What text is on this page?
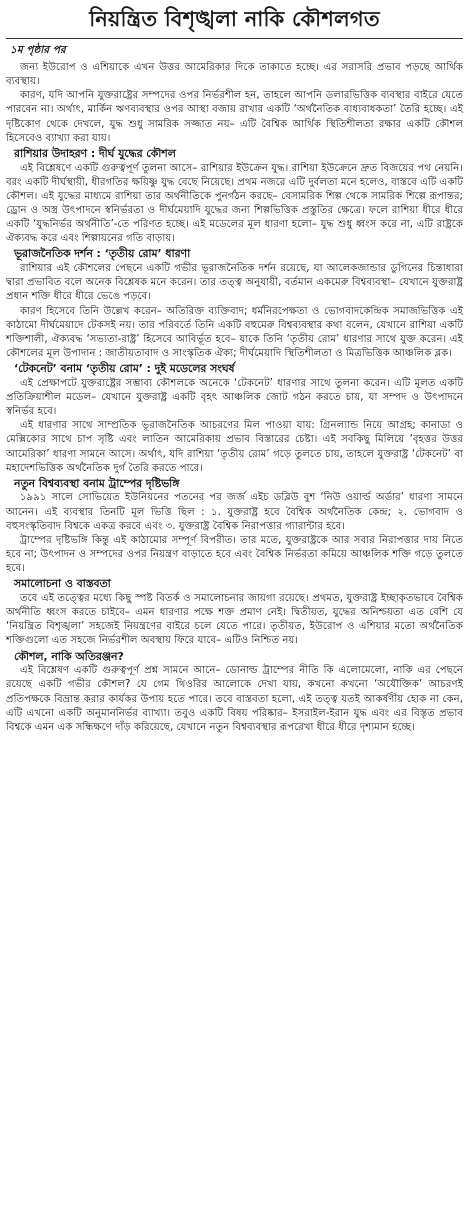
নিয়ন্ত্রিত বিশৃঙ্খলা নাকি কৌশলগত
১ম পৃষ্ঠার পর

জন্য ইউরোপ ও এশিয়াকে এখন উত্তর আমেরিকার দিকে তাকাতে হচ্ছে। এর সরাসরি প্রভাব পড়ছে আর্থিক ব্যবস্থায়।

কারণ, যদি আপনি যুক্তরাষ্ট্রের সম্পদের ওপর নির্ভরশীল হন, তাহলে আপনি ডলারভিত্তিক ব্যবস্থার বাইরে যেতে পারবেন না। অর্থাৎ, মার্কিন ঋণব্যবস্থার ওপর আস্থা বজায় রাখার একটি ‘অর্থনৈতিক বাধ্যবাধকতা’ তৈরি হচ্ছে। এই দৃষ্টিকোণ থেকে দেখলে, যুদ্ধ শুধু সামরিক সজ্জাত নয়– এটি বৈশ্বিক আর্থিক স্থিতিশীলতা রক্ষার একটি কৌশল হিসেবেও ব্যাখ্যা করা যায়।

রাশিয়ার উদাহরণ : দীর্ঘ যুদ্ধের কৌশল

এই বিশ্লেষণে একটি গুরুত্বপূর্ণ তুলনা আসে– রাশিয়ার ইউক্রেন যুদ্ধ। রাশিয়া ইউক্রেনে দ্রুত বিজয়ের পথ নেয়নি। বরং একটি দীর্ঘস্থায়ী, ধীরগতির ক্ষয়িষ্ণু যুদ্ধ বেছে নিয়েছে। প্রথম নজরে এটি দুর্বলতা মনে হলেও, বাস্তবে এটি একটি কৌশল। এই যুদ্ধের মাধ্যমে রাশিয়া তার অর্থনীতিকে পুনর্গঠন করছে– বেসামরিক শিল্প থেকে সামরিক শিল্পে রূপান্তর; ড্রোন ও অস্ত্র উৎপাদনে স্বনির্ভরতা ও দীর্ঘমেয়াদি যুদ্ধের জন্য শিল্পভিত্তিক প্রস্তুতির ক্ষেত্রে। ফলে রাশিয়া ধীরে ধীরে একটি ‘যুদ্ধনির্ভর অর্থনীতি’-তে পরিণত হচ্ছে। এই মডেলের মূল ধারণা হলো– যুদ্ধ শুধু ধ্বংস করে না, এটি রাষ্ট্রকে ঐক্যবদ্ধ করে এবং শিল্পায়নের গতি বাড়ায়।

ভূরাজনৈতিক দর্শন : ‘তৃতীয় রোম’ ধারণা

রাশিয়ার এই কৌশলের পেছনে একটি গভীর ভূরাজনৈতিক দর্শন রয়েছে, যা আলেকজান্ডার ডুগিনের চিন্তাধারা দ্বারা প্রভাবিত বলে অনেক বিশ্লেষক মনে করেন। তার তত্ত্ব অনুযায়ী, বর্তমান একমেরু বিশ্বব্যবস্থা– যেখানে যুক্তরাষ্ট্র প্রধান শক্তি ধীরে ধীরে ভেঙে পড়বে।

কারণ হিসেবে তিনি উল্লেখ করেন– অতিরিক্ত ব্যক্তিবাদ; ধর্মনিরপেক্ষতা ও ভোগবাদকেন্দ্রিক সমাজভিত্তিক এই কাঠামো দীর্ঘমেয়াদে টেকসই নয়। তার পরিবর্তে তিনি একটি বহুমেরু বিশ্বব্যবস্থার কথা বলেন, যেখানে রাশিয়া একটি শক্তিশালী, ঐক্যবদ্ধ ‘সভ্যতা-রাষ্ট্র’ হিসেবে আবির্ভূত হবে– যাকে তিনি ‘তৃতীয় রোম’ ধারণার সাথে যুক্ত করেন। এই কৌশলের মূল উপাদান : জাতীয়তাবাদ ও সাংস্কৃতিক ঐক্য; দীর্ঘমেয়াদি স্থিতিশীলতা ও মিত্রভিত্তিক আঞ্চলিক ব্লক।

‘টেকনেট’ বনাম ‘তৃতীয় রোম’ : দুই মডেলের সংঘর্ষ

এই প্রেক্ষাপটে যুক্তরাষ্ট্রের সম্ভাব্য কৌশলকে অনেকে ‘টেকনেট’ ধারণার সাথে তুলনা করেন। এটি মূলত একটি প্রতিক্রিয়াশীল মডেল– যেখানে যুক্তরাষ্ট্র একটি বৃহৎ আঞ্চলিক জোট গঠন করতে চায়, যা সম্পদ ও উৎপাদনে স্বনির্ভর হবে।

এই ধারণার সাথে সাম্প্রতিক ভূরাজনৈতিক আচরণের মিল পাওয়া যায়: গ্রিনল্যান্ড নিয়ে আগ্রহ; কানাডা ও মেক্সিকোর সাথে চাপ সৃষ্টি এবং লাতিন আমেরিকায় প্রভাব বিস্তারের চেষ্টা। এই সবকিছু মিলিয়ে ‘বৃহত্তর উত্তর আমেরিকা’ ধারণা সামনে আসে। অর্থাৎ, যদি রাশিয়া ‘তৃতীয় রোম’ গড়ে তুলতে চায়, তাহলে যুক্তরাষ্ট্র ‘টেকনেট’ বা মহাদেশভিত্তিক অর্থনৈতিক দুর্গ তৈরি করতে পারে।

নতুন বিশ্বব্যবস্থা বনাম ট্রাম্পের দৃষ্টিভঙ্গি

১৯৯১ সালে সোভিয়েত ইউনিয়নের পতনের পর জর্জ এইচ ডব্লিউ বুশ ‘নিউ ওয়ার্ল্ড অর্ডার’ ধারণা সামনে আনেন। এই ব্যবস্থার তিনটি মূল ভিত্তি ছিল : ১. যুক্তরাষ্ট্র হবে বৈশ্বিক অর্থনৈতিক কেন্দ্র; ২. ভোগবাদ ও বহুসংস্কৃতিবাদ বিশ্বকে একত্র করবে এবং ৩. যুক্তরাষ্ট্র বৈশ্বিক নিরাপত্তার গ্যারান্টার হবে।

ট্রাম্পের দৃষ্টিভঙ্গি কিন্তু এই কাঠামোর সম্পূর্ণ বিপরীত। তার মতে, যুক্তরাষ্ট্রকে আর সবার নিরাপত্তার দায় নিতে হবে না; উৎপাদন ও সম্পদের ওপর নিয়ন্ত্রণ বাড়াতে হবে এবং বৈশ্বিক নির্ভরতা কমিয়ে আঞ্চলিক শক্তি গড়ে তুলতে হবে।

সমালোচনা ও বাস্তবতা

তবে এই তত্ত্বের মধ্যে কিছু স্পষ্ট বিতর্ক ও সমালোচনার জায়গা রয়েছে। প্রথমত, যুক্তরাষ্ট্র ইচ্ছাকৃতভাবে বৈশ্বিক অর্থনীতি ধ্বংস করতে চাইবে– এমন ধারণার পক্ষে শক্ত প্রমাণ নেই। দ্বিতীয়ত, যুদ্ধের অনিশ্চয়তা এত বেশি যে ‘নিয়ন্ত্রিত বিশৃঙ্খলা’ সহজেই নিয়ন্ত্রণের বাইরে চলে যেতে পারে। তৃতীয়ত, ইউরোপ ও এশিয়ার মতো অর্থনৈতিক শক্তিগুলো এত সহজে নির্ভরশীল অবস্থায় ফিরে যাবে– এটিও নিশ্চিত নয়।

কৌশল, নাকি অতিরঞ্জন?

এই বিশ্লেষণ একটি গুরুত্বপূর্ণ প্রশ্ন সামনে আনে– ডোনাল্ড ট্রাম্পের নীতি কি এলোমেলো, নাকি এর পেছনে রয়েছে একটি গভীর কৌশল? যে গেম থিওরির আলোকে দেখা যায়, কখনো কখনো ‘অযৌক্তিক’ আচরণই প্রতিপক্ষকে বিভ্রান্ত করার কার্যকর উপায় হতে পারে। তবে বাস্তবতা হলো, এই তত্ত্ব যতই আকর্ষণীয় হোক না কেন, এটি এখনো একটি অনুমাননির্ভর ব্যাখ্যা। তবুও একটি বিষয় পরিষ্কার– ইসরাইল-ইরান যুদ্ধ এবং এর বিস্তৃত প্রভাব বিশ্বকে এমন এক সন্ধিক্ষণে দাঁড় করিয়েছে, যেখানে নতুন বিশ্বব্যবস্থার রূপরেখা ধীরে ধীরে দৃশ্যমান হচ্ছে।
